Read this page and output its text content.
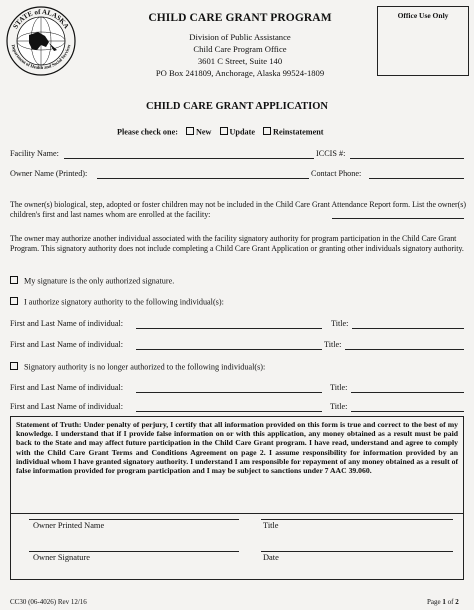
STATE of ALASKA
Department of Health and Social Services
Office Use Only
CHILD CARE GRANT PROGRAM
Division of Public Assistance
Child Care Program Office
3601 C Street, Suite 140
PO Box 241809, Anchorage, Alaska 99524-1809
CHILD CARE GRANT APPLICATION
Please check one: New Update Reinstatement
Facility Name:	ICCIS #:
Owner Name (Printed):	Contact Phone:
The owner(s) biological, step, adopted or foster children may not be included in the Child Care Grant Attendance Report form. List the owner(s) children's first and last names whom are enrolled at the facility:
The owner may authorize another individual associated with the facility signatory authority for program participation in the Child Care Grant Program. This signatory authority does not include completing a Child Care Grant Application or granting other individuals signatory authority.
My signature is the only authorized signature.
I authorize signatory authority to the following individual(s):
First and Last Name of individual:	Title:
First and Last Name of individual:	Title:
Signatory authority is no longer authorized to the following individual(s):
First and Last Name of individual:	Title:
First and Last Name of individual:	Title:
Statement of Truth: Under penalty of perjury, I certify that all information provided on this form is true and correct to the best of my knowledge. I understand that if I provide false information on or with this application, any money obtained as a result must be paid back to the State and may affect future participation in the Child Care Grant program. I have read, understand and agree to comply with the Child Care Grant Terms and Conditions Agreement on page 2. I assume responsibility for information provided by an individual whom I have granted signatory authority. I understand I am responsible for repayment of any money obtained as a result of false information provided for program participation and I may be subject to sanctions under 7 AAC 39.060.
Owner Printed Name	Title
Owner Signature	Date
CC30 (06-4026) Rev 12/16	Page 1 of 2
